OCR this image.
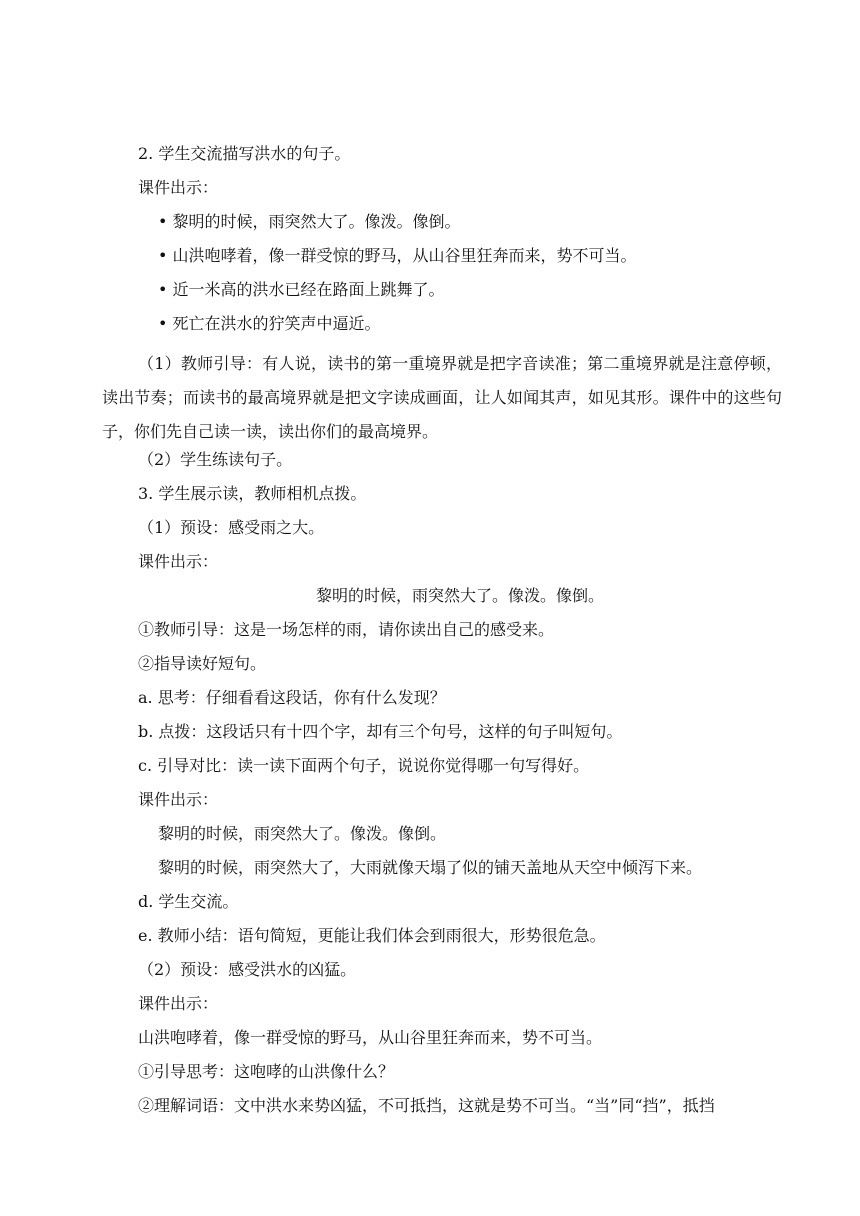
2. 学生交流描写洪水的句子。
课件出示：
• 黎明的时候，雨突然大了。像泼。像倒。
• 山洪咆哮着，像一群受惊的野马，从山谷里狂奔而来，势不可当。
• 近一米高的洪水已经在路面上跳舞了。
• 死亡在洪水的狞笑声中逼近。
（1）教师引导：有人说，读书的第一重境界就是把字音读准；第二重境界就是注意停顿，读出节奏；而读书的最高境界就是把文字读成画面，让人如闻其声，如见其形。课件中的这些句子，你们先自己读一读，读出你们的最高境界。
（2）学生练读句子。
3. 学生展示读，教师相机点拨。
（1）预设：感受雨之大。
课件出示：
黎明的时候，雨突然大了。像泼。像倒。
①教师引导：这是一场怎样的雨，请你读出自己的感受来。
②指导读好短句。
a. 思考：仔细看看这段话，你有什么发现？
b. 点拨：这段话只有十四个字，却有三个句号，这样的句子叫短句。
c. 引导对比：读一读下面两个句子，说说你觉得哪一句写得好。
课件出示：
黎明的时候，雨突然大了。像泼。像倒。
黎明的时候，雨突然大了，大雨就像天塌了似的铺天盖地从天空中倾泻下来。
d. 学生交流。
e. 教师小结：语句简短，更能让我们体会到雨很大，形势很危急。
（2）预设：感受洪水的凶猛。
课件出示：
山洪咆哮着，像一群受惊的野马，从山谷里狂奔而来，势不可当。
①引导思考：这咆哮的山洪像什么？
②理解词语：文中洪水来势凶猛，不可抵挡，这就是势不可当。“当”同“挡”，抵挡
